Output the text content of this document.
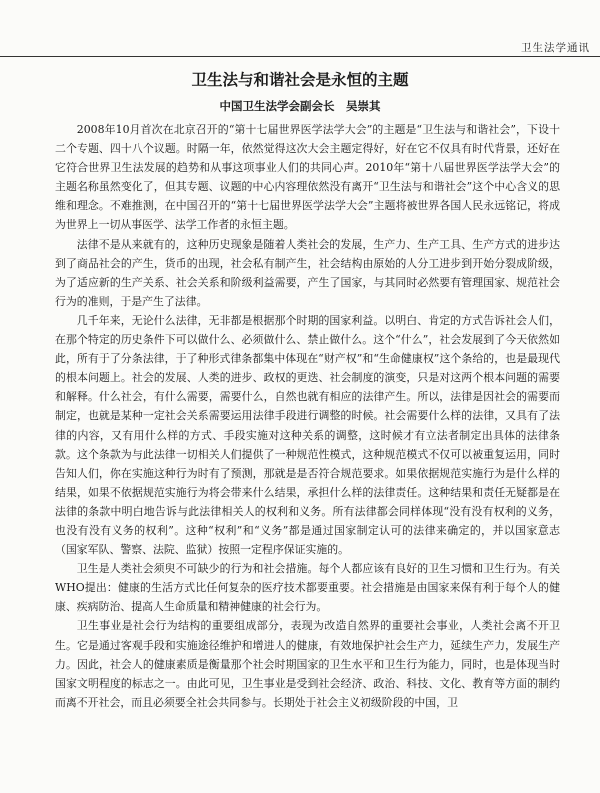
卫生法学通讯
卫生法与和谐社会是永恒的主题
中国卫生法学会副会长　吴崇其

2008年10月首次在北京召开的“第十七届世界医学法学大会”的主题是“卫生法与和谐社会”，下设十二个专题、四十八个议题。时隔一年，依然觉得这次大会主题定得好，好在它不仅具有时代背景，还好在它符合世界卫生法发展的趋势和从事这项事业人们的共同心声。2010年“第十八届世界医学法学大会”的主题名称虽然变化了，但其专题、议题的中心内容理依然没有离开“卫生法与和谐社会”这个中心含义的思维和理念。不难推测，在中国召开的“第十七届世界医学法学大会”主题将被世界各国人民永远铭记，将成为世界上一切从事医学、法学工作者的永恒主题。

法律不是从来就有的，这种历史现象是随着人类社会的发展，生产力、生产工具、生产方式的进步达到了商品社会的产生，货币的出现，社会私有制产生，社会结构由原始的人分工进步到开始分裂成阶级，为了适应新的生产关系、社会关系和阶级利益需要，产生了国家，与其同时必然要有管理国家、规范社会行为的准则，于是产生了法律。

几千年来，无论什么法律，无非都是根据那个时期的国家利益。以明白、肯定的方式告诉社会人们，在那个特定的历史条件下可以做什么、必须做什么、禁止做什么。这个“什么”，社会发展到了今天依然如此，所有于了分条法律，于了种形式律条都集中体现在“财产权”和“生命健康权”这个条给的，也是最现代的根本问题上。社会的发展、人类的进步、政权的更迭、社会制度的演变，只是对这两个根本问题的需要和解释。什么社会，有什么需要，需要什么，自然也就有相应的法律产生。所以，法律是因社会的需要而制定，也就是某种一定社会关系需要运用法律手段进行调整的时候。社会需要什么样的法律，又具有了法律的内容，又有用什么样的方式、手段实施对这种关系的调整，这时候才有立法者制定出具体的法律条款。这个条款为与此法律一切相关人们提供了一种规范性模式，这种规范模式不仅可以被重复运用，同时告知人们，你在实施这种行为时有了预测，那就是是否符合规范要求。如果依据规范实施行为是什么样的结果，如果不依据规范实施行为将会带来什么结果，承担什么样的法律责任。这种结果和责任无疑都是在法律的条款中明白地告诉与此法律相关人的权利和义务。所有法律都会同样体现“没有没有权利的义务，也没有没有义务的权利”。这种“权利”和“义务”都是通过国家制定认可的法律来确定的，并以国家意志（国家军队、警察、法院、监狱）按照一定程序保证实施的。

卫生是人类社会须臾不可缺少的行为和社会措施。每个人都应该有良好的卫生习惯和卫生行为。有关WHO提出：健康的生活方式比任何复杂的医疗技术都要重要。社会措施是由国家来保有利于每个人的健康、疾病防治、提高人生命质量和精神健康的社会行为。

卫生事业是社会行为结构的重要组成部分，表现为改造自然界的重要社会事业，人类社会离不开卫生。它是通过客观手段和实施途径维护和增进人的健康，有效地保护社会生产力，延续生产力，发展生产力。因此，社会人的健康素质是衡量那个社会时期国家的卫生水平和卫生行为能力，同时，也是体现当时国家文明程度的标志之一。由此可见，卫生事业是受到社会经济、政治、科技、文化、教育等方面的制约而离不开社会，而且必须要全社会共同参与。长期处于社会主义初级阶段的中国，卫
